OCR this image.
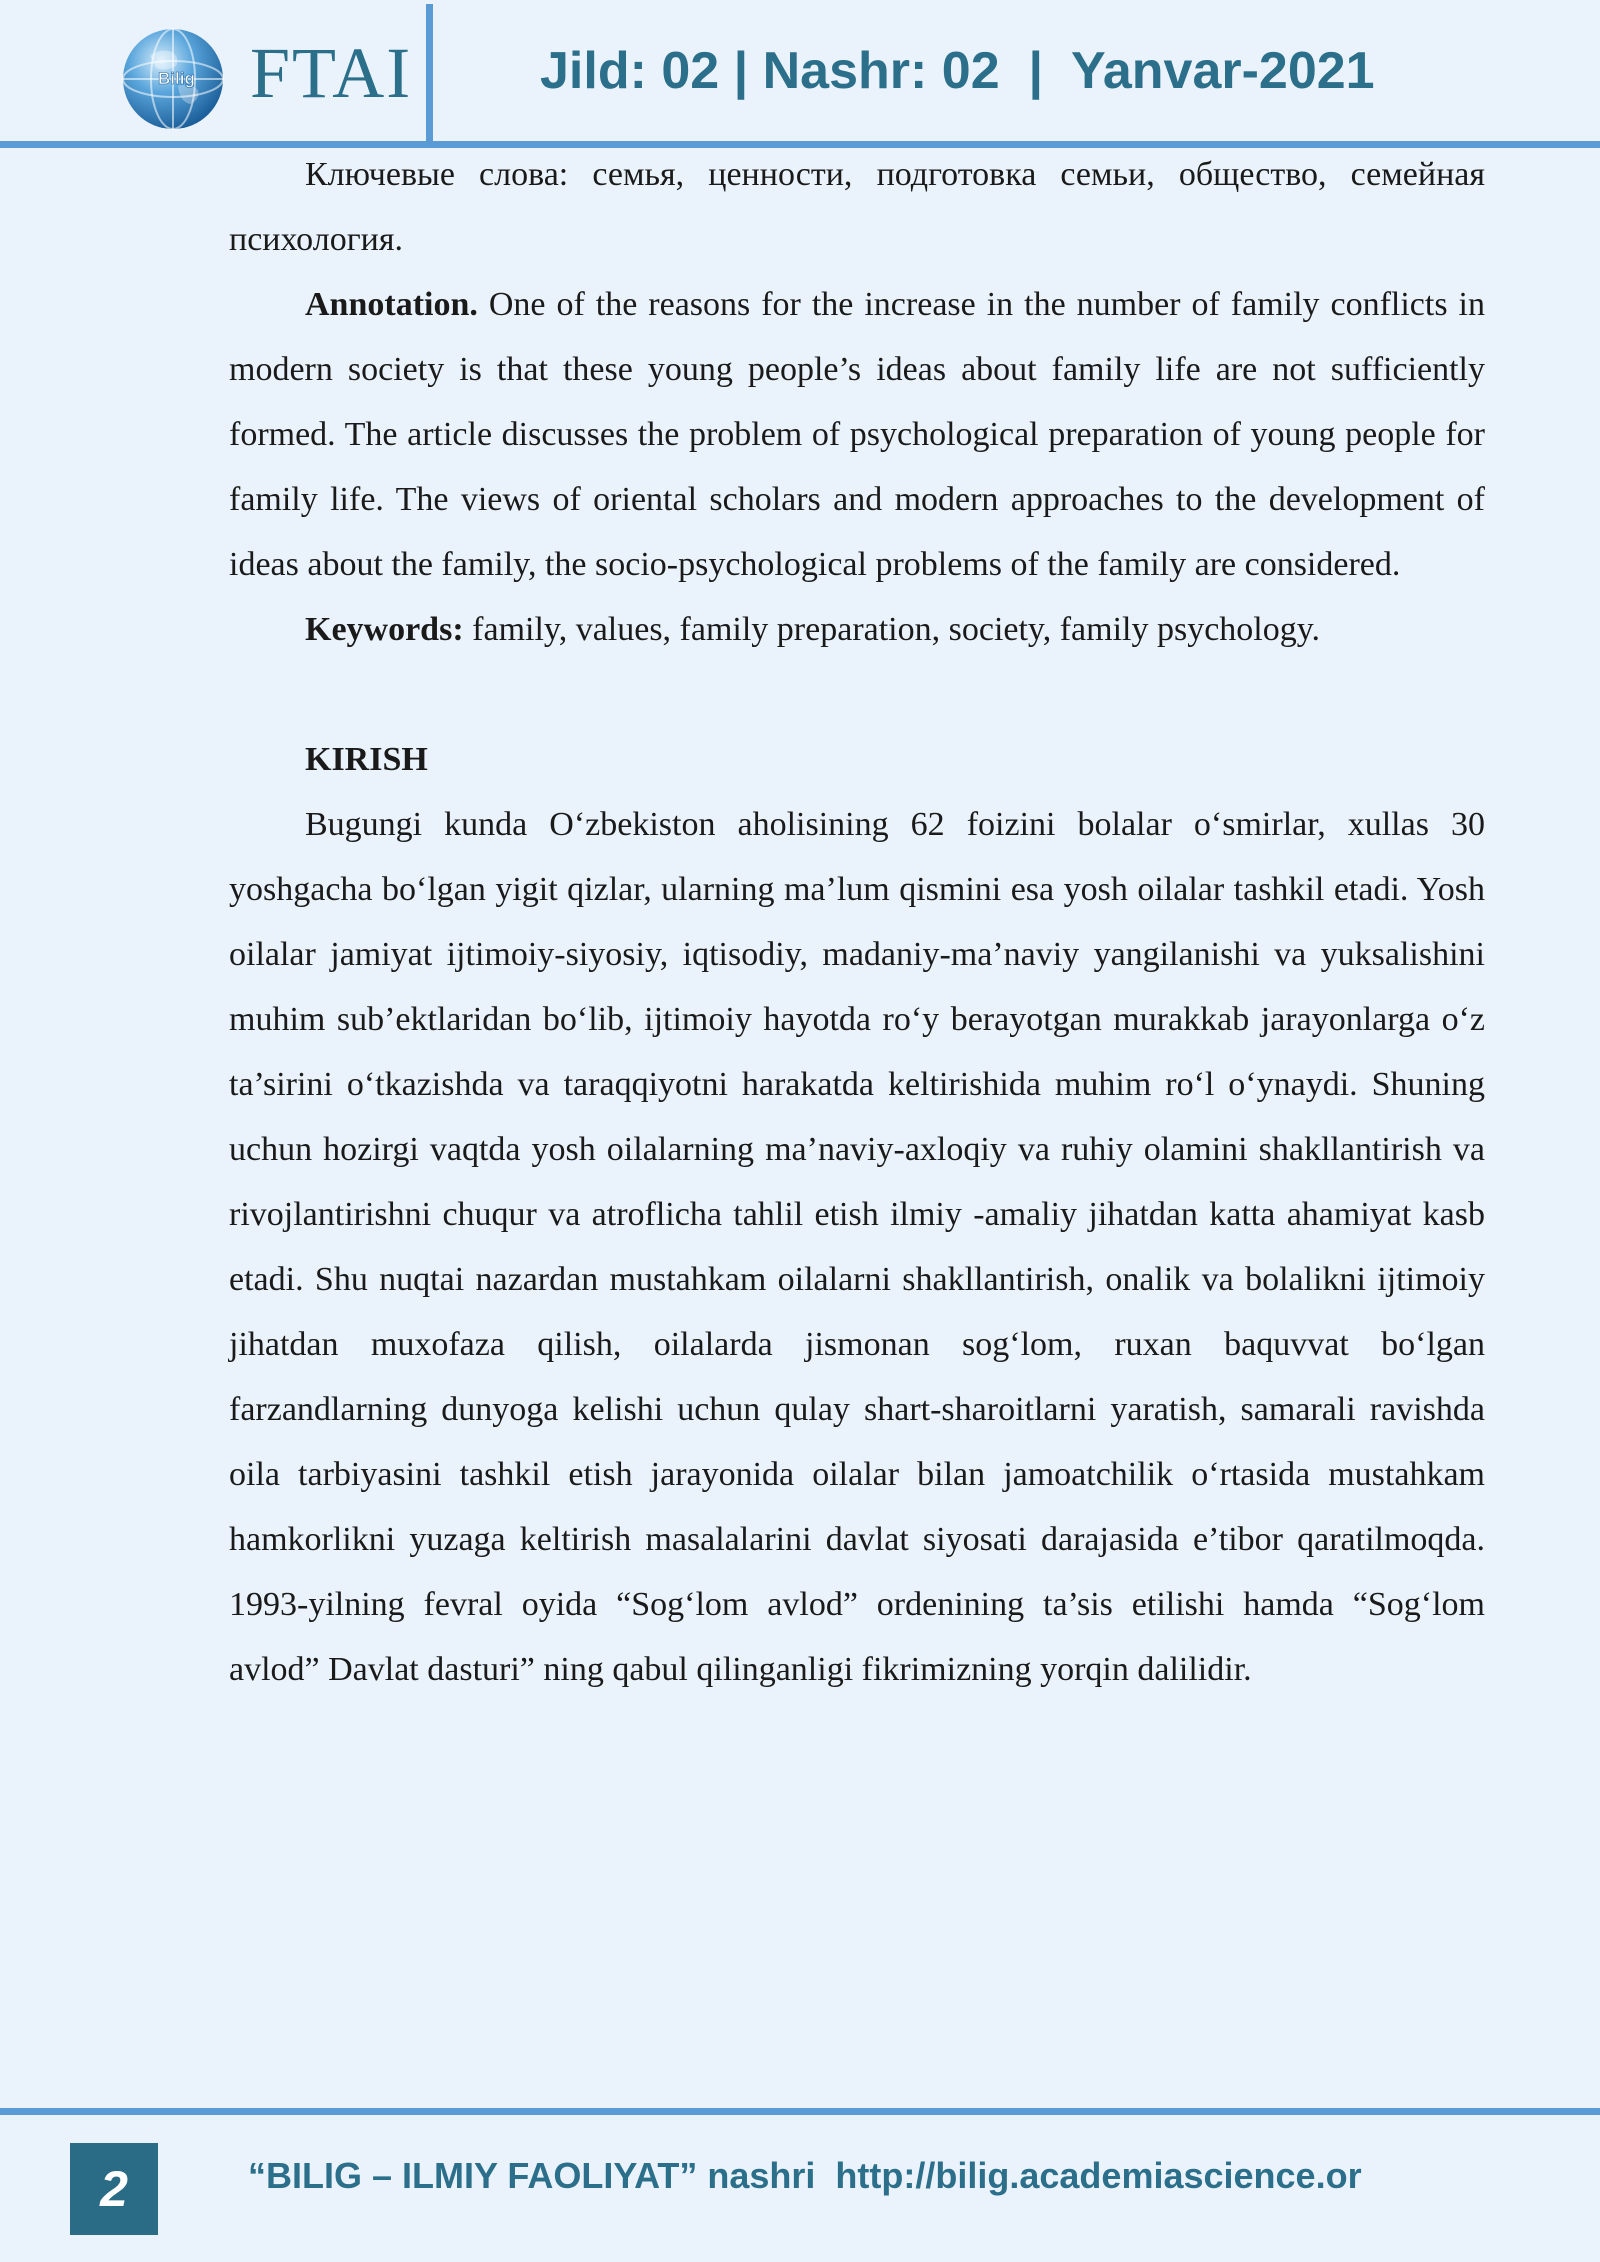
Bilig FTAI Jild: 02 | Nashr: 02  |  Yanvar-2021

Ключевые слова: семья, ценности, подготовка семьи, общество, семейная психология.

Annotation. One of the reasons for the increase in the number of family conflicts in modern society is that these young people’s ideas about family life are not sufficiently formed. The article discusses the problem of psychological preparation of young people for family life. The views of oriental scholars and modern approaches to the development of ideas about the family, the socio-psychological problems of the family are considered.

Keywords: family, values, family preparation, society, family psychology.

KIRISH

Bugungi kunda O‘zbekiston aholisining 62 foizini bolalar o‘smirlar, xullas 30 yoshgacha bo‘lgan yigit qizlar, ularning ma’lum qismini esa yosh oilalar tashkil etadi. Yosh oilalar jamiyat ijtimoiy-siyosiy, iqtisodiy, madaniy-ma’naviy yangilanishi va yuksalishini muhim sub’ektlaridan bo‘lib, ijtimoiy hayotda ro‘y berayotgan murakkab jarayonlarga o‘z ta’sirini o‘tkazishda va taraqqiyotni harakatda keltirishida muhim ro‘l o‘ynaydi. Shuning uchun hozirgi vaqtda yosh oilalarning ma’naviy-axloqiy va ruhiy olamini shakllantirish va rivojlantirishni chuqur va atroflicha tahlil etish ilmiy -amaliy jihatdan katta ahamiyat kasb etadi. Shu nuqtai nazardan mustahkam oilalarni shakllantirish, onalik va bolalikni ijtimoiy jihatdan muxofaza qilish, oilalarda jismonan sog‘lom, ruxan baquvvat bo‘lgan farzandlarning dunyoga kelishi uchun qulay shart-sharoitlarni yaratish, samarali ravishda oila tarbiyasini tashkil etish jarayonida oilalar bilan jamoatchilik o‘rtasida mustahkam hamkorlikni yuzaga keltirish masalalarini davlat siyosati darajasida e’tibor qaratilmoqda. 1993-yilning fevral oyida “Sog‘lom avlod” ordenining ta’sis etilishi hamda “Sog‘lom avlod” Davlat dasturi” ning qabul qilinganligi fikrimizning yorqin dalilidir.

2	“BILIG – ILMIY FAOLIYAT” nashri  http://bilig.academiascience.or
